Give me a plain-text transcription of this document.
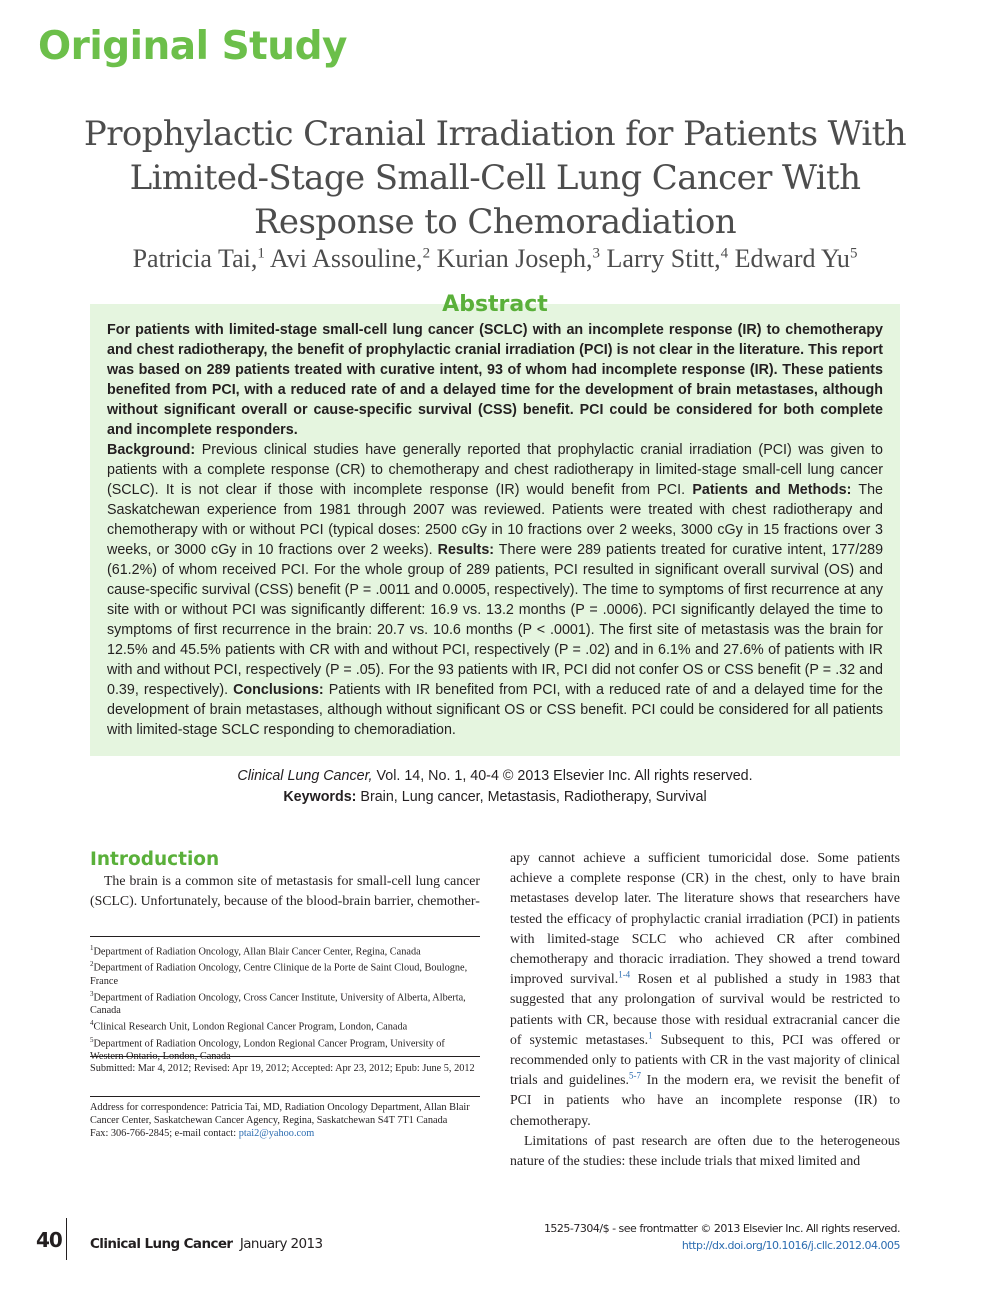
Original Study
Prophylactic Cranial Irradiation for Patients With Limited-Stage Small-Cell Lung Cancer With Response to Chemoradiation
Patricia Tai,$^1$ Avi Assouline,$^2$ Kurian Joseph,$^3$ Larry Stitt,$^4$ Edward Yu$^5$
Abstract

For patients with limited-stage small-cell lung cancer (SCLC) with an incomplete response (IR) to chemotherapy and chest radiotherapy, the benefit of prophylactic cranial irradiation (PCI) is not clear in the literature. This report was based on 289 patients treated with curative intent, 93 of whom had incomplete response (IR). These patients benefited from PCI, with a reduced rate of and a delayed time for the development of brain metastases, although without significant overall or cause-specific survival (CSS) benefit. PCI could be considered for both complete and incomplete responders.

Background: Previous clinical studies have generally reported that prophylactic cranial irradiation (PCI) was given to patients with a complete response (CR) to chemotherapy and chest radiotherapy in limited-stage small-cell lung cancer (SCLC). It is not clear if those with incomplete response (IR) would benefit from PCI. Patients and Methods: The Saskatchewan experience from 1981 through 2007 was reviewed. Patients were treated with chest radiotherapy and chemotherapy with or without PCI (typical doses: 2500 cGy in 10 fractions over 2 weeks, 3000 cGy in 15 fractions over 3 weeks, or 3000 cGy in 10 fractions over 2 weeks). Results: There were 289 patients treated for curative intent, 177/289 (61.2%) of whom received PCI. For the whole group of 289 patients, PCI resulted in significant overall survival (OS) and cause-specific survival (CSS) benefit (P = .0011 and 0.0005, respectively). The time to symptoms of first recurrence at any site with or without PCI was significantly different: 16.9 vs. 13.2 months (P = .0006). PCI significantly delayed the time to symptoms of first recurrence in the brain: 20.7 vs. 10.6 months (P < .0001). The first site of metastasis was the brain for 12.5% and 45.5% patients with CR with and without PCI, respectively (P = .02) and in 6.1% and 27.6% of patients with IR with and without PCI, respectively (P = .05). For the 93 patients with IR, PCI did not confer OS or CSS benefit (P = .32 and 0.39, respectively). Conclusions: Patients with IR benefited from PCI, with a reduced rate of and a delayed time for the development of brain metastases, although without significant OS or CSS benefit. PCI could be considered for all patients with limited-stage SCLC responding to chemoradiation.

Clinical Lung Cancer, Vol. 14, No. 1, 40-4 © 2013 Elsevier Inc. All rights reserved.

Keywords: Brain, Lung cancer, Metastasis, Radiotherapy, Survival

Introduction

The brain is a common site of metastasis for small-cell lung cancer (SCLC). Unfortunately, because of the blood-brain barrier, chemother-

$^1$Department of Radiation Oncology, Allan Blair Cancer Center, Regina, Canada

$^2$Department of Radiation Oncology, Centre Clinique de la Porte de Saint Cloud, Boulogne, France

$^3$Department of Radiation Oncology, Cross Cancer Institute, University of Alberta, Alberta, Canada

$^4$Clinical Research Unit, London Regional Cancer Program, London, Canada

$^5$Department of Radiation Oncology, London Regional Cancer Program, University of

Submitted: Mar 4, 2012; Revised: Apr 19, 2012; Accepted: Apr 23, 2012; Epub: June 5, 2012

Address for correspondence: Patricia Tai, MD, Radiation Oncology Department, Allan Blair Cancer Center, Saskatchewan Cancer Agency, Regina, Saskatchewan S4T 7T1 Canada

Fax: 306-766-2845; e-mail contact: ptai2@yahoo.com

apy cannot achieve a sufficient tumoricidal dose. Some patients achieve a complete response (CR) in the chest, only to have brain metastases develop later. The literature shows that researchers have tested the efficacy of prophylactic cranial irradiation (PCI) in patients with limited-stage SCLC who achieved CR after combined chemotherapy and thoracic irradiation. They showed a trend toward improved survival.$^{1-4}$ Rosen et al published a study in 1983 that suggested that any prolongation of survival would be restricted to patients with CR, because those with residual extracranial cancer die of systemic metastases.$^1$ Subsequent to this, PCI was offered or recommended only to patients with CR in the vast majority of clinical trials and guidelines.$^{5-7}$ In the modern era, we revisit the benefit of PCI in patients who have an incomplete response (IR) to chemotherapy.

Limitations of past research are often due to the heterogeneous nature of the studies: these include trials that mixed limited and

40 Clinical Lung Cancer January 2013
1525-7304/$ - see frontmatter © 2013 Elsevier Inc. All rights reserved.
http://dx.doi.org/10.1016/j.cllc.2012.04.005
